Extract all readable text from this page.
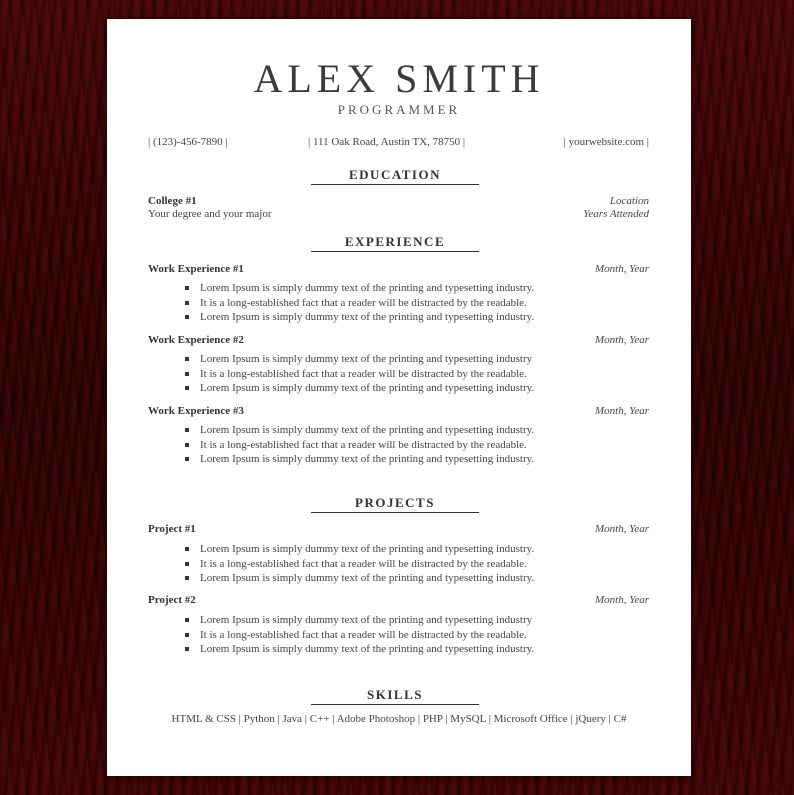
ALEX SMITH
PROGRAMMER
| (123)-456-7890 |	| 111 Oak Road, Austin TX, 78750 |	| yourwebsite.com |
EDUCATION
College #1	Location
Your degree and your major	Years Attended
EXPERIENCE
Work Experience #1	Month, Year
Lorem Ipsum is simply dummy text of the printing and typesetting industry.
It is a long-established fact that a reader will be distracted by the readable.
Lorem Ipsum is simply dummy text of the printing and typesetting industry.
Work Experience #2	Month, Year
Lorem Ipsum is simply dummy text of the printing and typesetting industry
It is a long-established fact that a reader will be distracted by the readable.
Lorem Ipsum is simply dummy text of the printing and typesetting industry.
Work Experience #3	Month, Year
Lorem Ipsum is simply dummy text of the printing and typesetting industry.
It is a long-established fact that a reader will be distracted by the readable.
Lorem Ipsum is simply dummy text of the printing and typesetting industry.
PROJECTS
Project #1	Month, Year
Lorem Ipsum is simply dummy text of the printing and typesetting industry.
It is a long-established fact that a reader will be distracted by the readable.
Lorem Ipsum is simply dummy text of the printing and typesetting industry.
Project #2	Month, Year
Lorem Ipsum is simply dummy text of the printing and typesetting industry
It is a long-established fact that a reader will be distracted by the readable.
Lorem Ipsum is simply dummy text of the printing and typesetting industry.
SKILLS
HTML & CSS | Python | Java | C++ | Adobe Photoshop | PHP | MySQL | Microsoft Office | jQuery | C#
